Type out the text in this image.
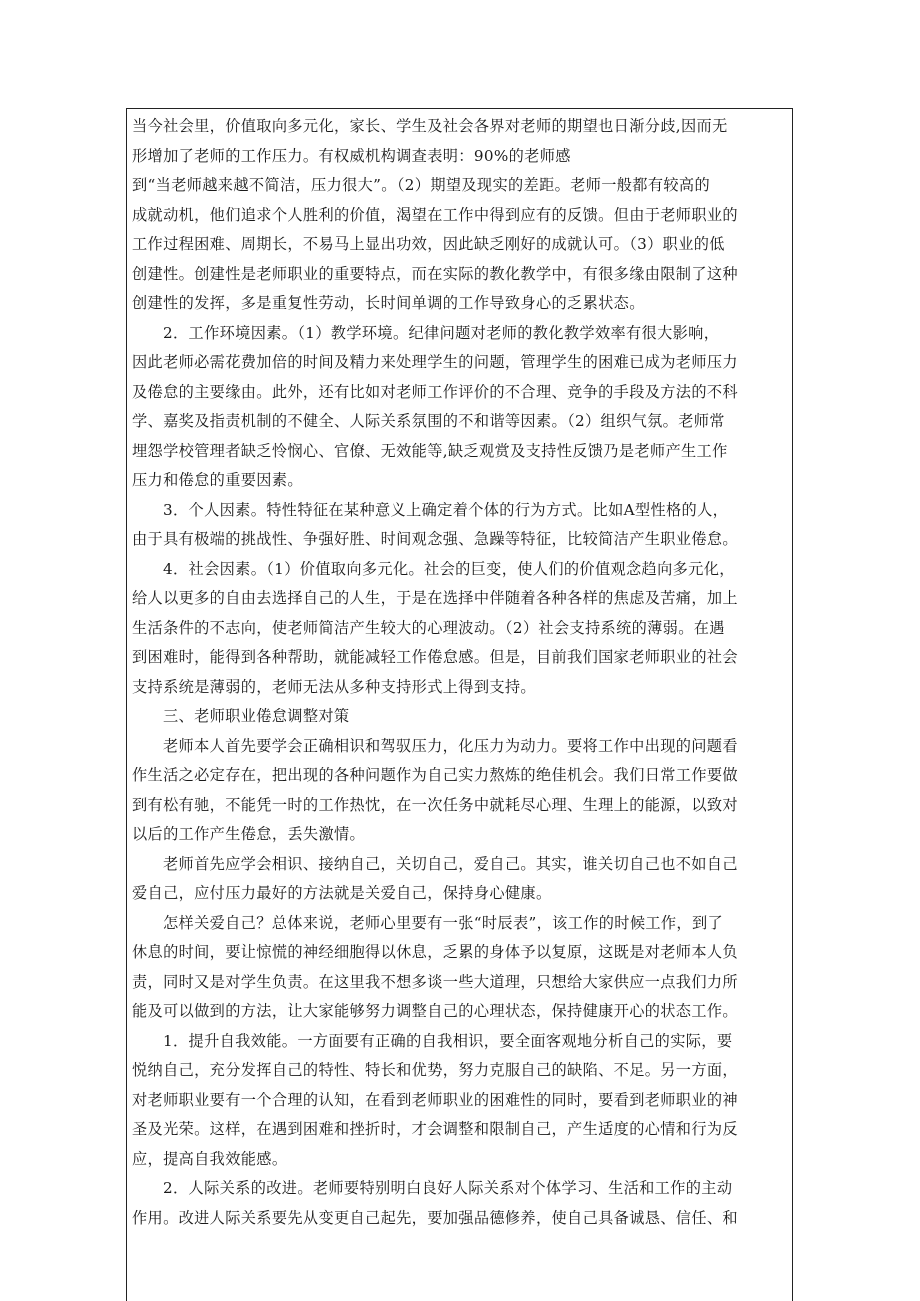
当今社会里，价值取向多元化，家长、学生及社会各界对老师的期望也日渐分歧,因而无
形增加了老师的工作压力。有权威机构调查表明：90%的老师感
到“当老师越来越不简洁，压力很大”。（2）期望及现实的差距。老师一般都有较高的
成就动机，他们追求个人胜利的价值，渴望在工作中得到应有的反馈。但由于老师职业的
工作过程困难、周期长，不易马上显出功效，因此缺乏刚好的成就认可。（3）职业的低
创建性。创建性是老师职业的重要特点，而在实际的教化教学中，有很多缘由限制了这种
创建性的发挥，多是重复性劳动，长时间单调的工作导致身心的乏累状态。
2．工作环境因素。（1）教学环境。纪律问题对老师的教化教学效率有很大影响，
因此老师必需花费加倍的时间及精力来处理学生的问题，管理学生的困难已成为老师压力
及倦怠的主要缘由。此外，还有比如对老师工作评价的不合理、竞争的手段及方法的不科
学、嘉奖及指责机制的不健全、人际关系氛围的不和谐等因素。（2）组织气氛。老师常
埋怨学校管理者缺乏怜悯心、官僚、无效能等,缺乏观赏及支持性反馈乃是老师产生工作
压力和倦怠的重要因素。
3．个人因素。特性特征在某种意义上确定着个体的行为方式。比如A型性格的人，
由于具有极端的挑战性、争强好胜、时间观念强、急躁等特征，比较简洁产生职业倦怠。
4．社会因素。（1）价值取向多元化。社会的巨变，使人们的价值观念趋向多元化，
给人以更多的自由去选择自己的人生，于是在选择中伴随着各种各样的焦虑及苦痛，加上
生活条件的不志向，使老师简洁产生较大的心理波动。（2）社会支持系统的薄弱。在遇
到困难时，能得到各种帮助，就能减轻工作倦怠感。但是，目前我们国家老师职业的社会
支持系统是薄弱的，老师无法从多种支持形式上得到支持。
三、老师职业倦怠调整对策
老师本人首先要学会正确相识和驾驭压力，化压力为动力。要将工作中出现的问题看
作生活之必定存在，把出现的各种问题作为自己实力熬炼的绝佳机会。我们日常工作要做
到有松有驰，不能凭一时的工作热忱，在一次任务中就耗尽心理、生理上的能源，以致对
以后的工作产生倦怠，丢失激情。
老师首先应学会相识、接纳自己，关切自己，爱自己。其实，谁关切自己也不如自己
爱自己，应付压力最好的方法就是关爱自己，保持身心健康。
怎样关爱自己？总体来说，老师心里要有一张“时辰表”，该工作的时候工作，到了
休息的时间，要让惊慌的神经细胞得以休息，乏累的身体予以复原，这既是对老师本人负
责，同时又是对学生负责。在这里我不想多谈一些大道理，只想给大家供应一点我们力所
能及可以做到的方法，让大家能够努力调整自己的心理状态，保持健康开心的状态工作。
1．提升自我效能。一方面要有正确的自我相识，要全面客观地分析自己的实际，要
悦纳自己，充分发挥自己的特性、特长和优势，努力克服自己的缺陷、不足。另一方面，
对老师职业要有一个合理的认知，在看到老师职业的困难性的同时，要看到老师职业的神
圣及光荣。这样，在遇到困难和挫折时，才会调整和限制自己，产生适度的心情和行为反
应，提高自我效能感。
2．人际关系的改进。老师要特别明白良好人际关系对个体学习、生活和工作的主动
作用。改进人际关系要先从变更自己起先，要加强品德修养，使自己具备诚恳、信任、和
